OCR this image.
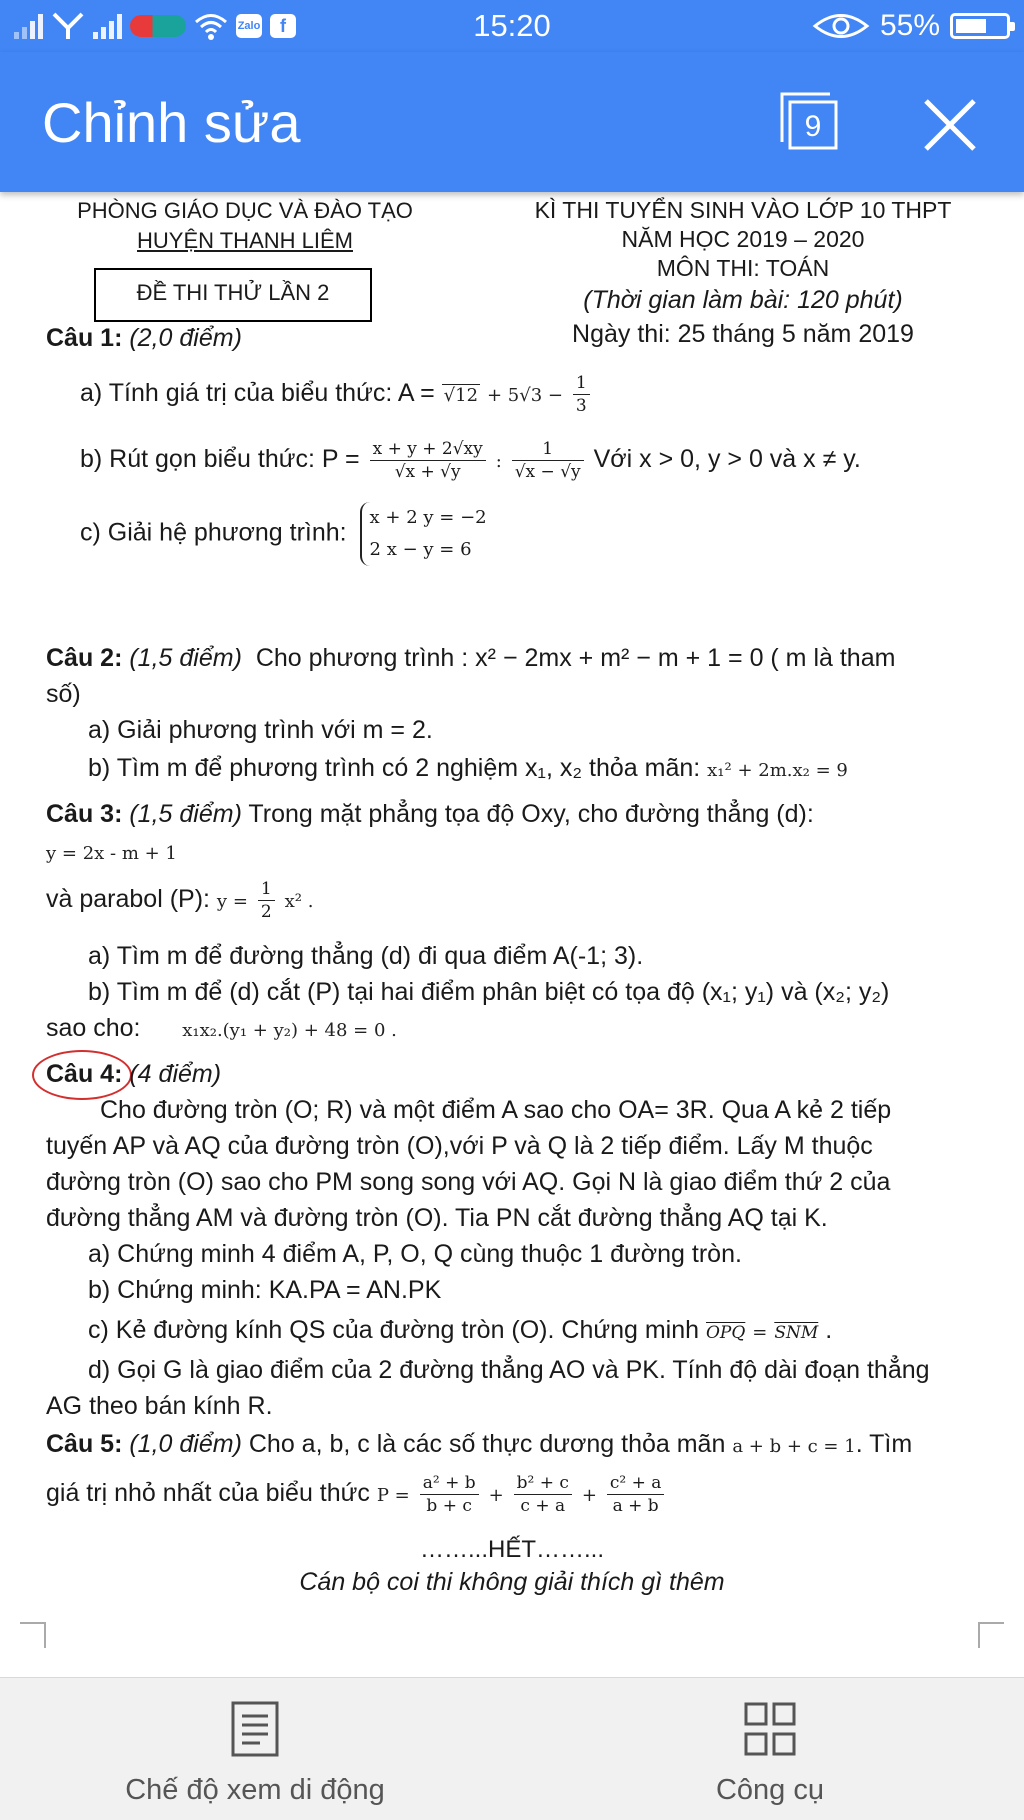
Zalo	f	15:20	55%
Chỉnh sửa	9
PHÒNG GIÁO DỤC VÀ ĐÀO TẠO
HUYỆN THANH LIÊM
ĐỀ THI THỬ LẦN 2
KÌ THI TUYỂN SINH VÀO LỚP 10 THPT
NĂM HỌC 2019 – 2020
MÔN THI: TOÁN
(Thời gian làm bài: 120 phút)
Ngày thi: 25 tháng 5 năm 2019
Câu 1: (2,0 điểm)
a) Tính giá trị của biểu thức: $A = √12 + 5√3 - \frac{1}{3}$
b) Rút gọn biểu thức: $P = \frac{x + y + 2√xy}{√x + √y}$ : $\frac{1}{√x - √y}$ Với x > 0, y > 0 và x ≠ y.
c) Giải hệ phương trình:
x + 2 y = −2
2 x − y = 6
Câu 2: (1,5 điểm) Cho phương trình : x² − 2mx + m² − m + 1 = 0 ( m là tham
số)
a) Giải phương trình với m = 2.
b) Tìm m để phương trình có 2 nghiệm x₁, x₂ thỏa mãn: x₁² + 2m.x₂ = 9
Câu 3: (1,5 điểm) Trong mặt phẳng tọa độ Oxy, cho đường thẳng (d):
y = 2x - m + 1
và parabol (P): $y = \frac{1}{2} x^2$ .
a) Tìm m để đường thẳng (d) đi qua điểm A(-1; 3).
b) Tìm m để (d) cắt (P) tại hai điểm phân biệt có tọa độ (x₁; y₁) và (x₂; y₂)
sao cho: x₁x₂.(y₁ + y₂) + 48 = 0 .
Câu 4: (4 điểm)
Cho đường tròn (O; R) và một điểm A sao cho OA= 3R. Qua A kẻ 2 tiếp
tuyến AP và AQ của đường tròn (O),với P và Q là 2 tiếp điểm. Lấy M thuộc
đường tròn (O) sao cho PM song song với AQ. Gọi N là giao điểm thứ 2 của
đường thẳng AM và đường tròn (O). Tia PN cắt đường thẳng AQ tại K.
a) Chứng minh 4 điểm A, P, O, Q cùng thuộc 1 đường tròn.
b) Chứng minh: KA.PA = AN.PK
c) Kẻ đường kính QS của đường tròn (O). Chứng minh $\overline{OPQ} = \overline{SNM}$ .
d) Gọi G là giao điểm của 2 đường thẳng AO và PK. Tính độ dài đoạn thẳng
AG theo bán kính R.
Câu 5: (1,0 điểm) Cho a, b, c là các số thực dương thỏa mãn a + b + c = 1. Tìm
giá trị nhỏ nhất của biểu thức $P = \frac{\text{a² + b}}{b + c} + \frac{\text{b² + c}}{c + a} + \frac{\text{c² + a}}{a + b}$
……...HẾT……...
Cán bộ coi thi không giải thích gì thêm
Chế độ xem di động	Công cụ
